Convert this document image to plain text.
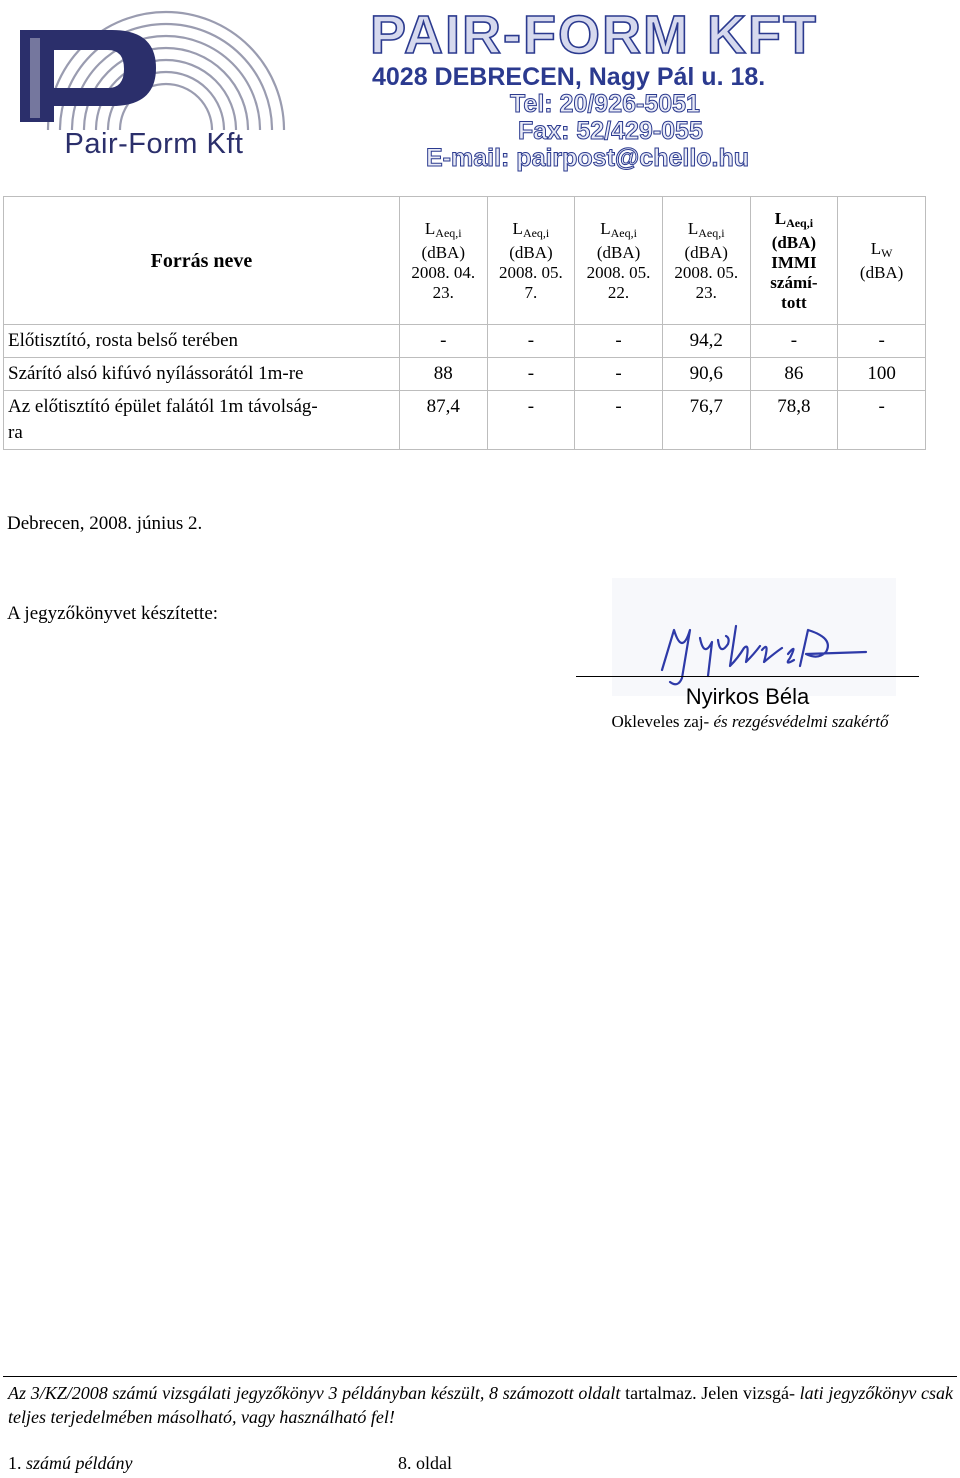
Pair-Form Kft
PAIR-FORM KFT
4028 DEBRECEN, Nagy Pál u. 18.
Tel: 20/926-5051
Fax: 52/429-055
E-mail: pairpost@chello.hu
Forrás neve	$L_{Aeq,i}$
(dBA)
2008. 04.
23.	$L_{Aeq,i}$
(dBA)
2008. 05.
7.	$L_{Aeq,i}$
(dBA)
2008. 05.
22.	$L_{Aeq,i}$
(dBA)
2008. 05.
23.	$L_{Aeq,i}$
(dBA)
IMMI
számí-
tott	$L_W$
(dBA)
Előtisztító, rosta belső terében	-	-	-	94,2	-	-
Szárító alsó kifúvó nyílássorától 1m-re	88	-	-	90,6	86	100
Az előtisztító épület falától 1m távolság-
ra	87,4	-	-	76,7	78,8	-
Debrecen, 2008. június 2.
A jegyzőkönyvet készítette:
Nyirkos Béla
Okleveles zaj- és rezgésvédelmi szakértő
Az 3/KZ/2008 számú vizsgálati jegyzőkönyv 3 példányban készült, 8 számozott oldalt tartalmaz. Jelen vizsgá- lati jegyzőkönyv csak teljes terjedelmében másolható, vagy használható fel!
1. számú példány	8. oldal
